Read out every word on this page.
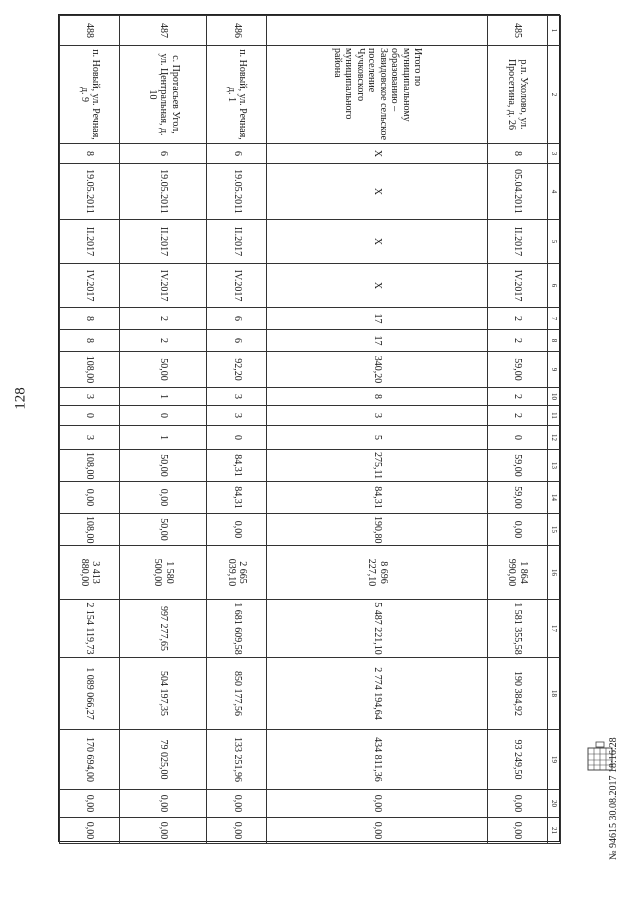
128
1	2	3	4	5	6	7	8	9	10	11	12	13	14	15	16	17	18	19	20	21
485	р.п. Ухолово, ул. Просетина, д. 26	8	05.04.2011	II.2017	IV.2017	2	2	59,00	2	2	0	59,00	59,00	0,00	1 864 990,00	1 581 355,58	190 384,92	93 249,50	0,00	0,00
	Итого по муниципальному образованию – Завидовское сельское поселение Чучковского муниципального района	X	X	X	X	17	17	340,20	8	3	5	275,11	84,31	190,80	8 696 227,10	5 487 221,10	2 774 194,64	434 811,36	0,00	0,00
486	п. Новый, ул. Речная, д. 1	6	19.05.2011	II.2017	IV.2017	6	6	92,20	3	3	0	84,31	84,31	0,00	2 665 039,10	1 681 609,58	850 177,56	133 251,96	0,00	0,00
487	с. Протасьев Угол, ул. Центральная, д. 10	6	19.05.2011	II.2017	IV.2017	2	2	50,00	1	0	1	50,00	0,00	50,00	1 580 500,00	997 277,65	504 197,35	79 025,00	0,00	0,00
488	п. Новый, ул. Речная, д. 9	8	19.05.2011	II.2017	IV.2017	8	8	108,00	3	0	3	108,00	0,00	108,00	3 413 880,00	2 154 119,73	1 089 066,27	170 694,00	0,00	0,00	№ 94615 30.08.2017 18:16:28
